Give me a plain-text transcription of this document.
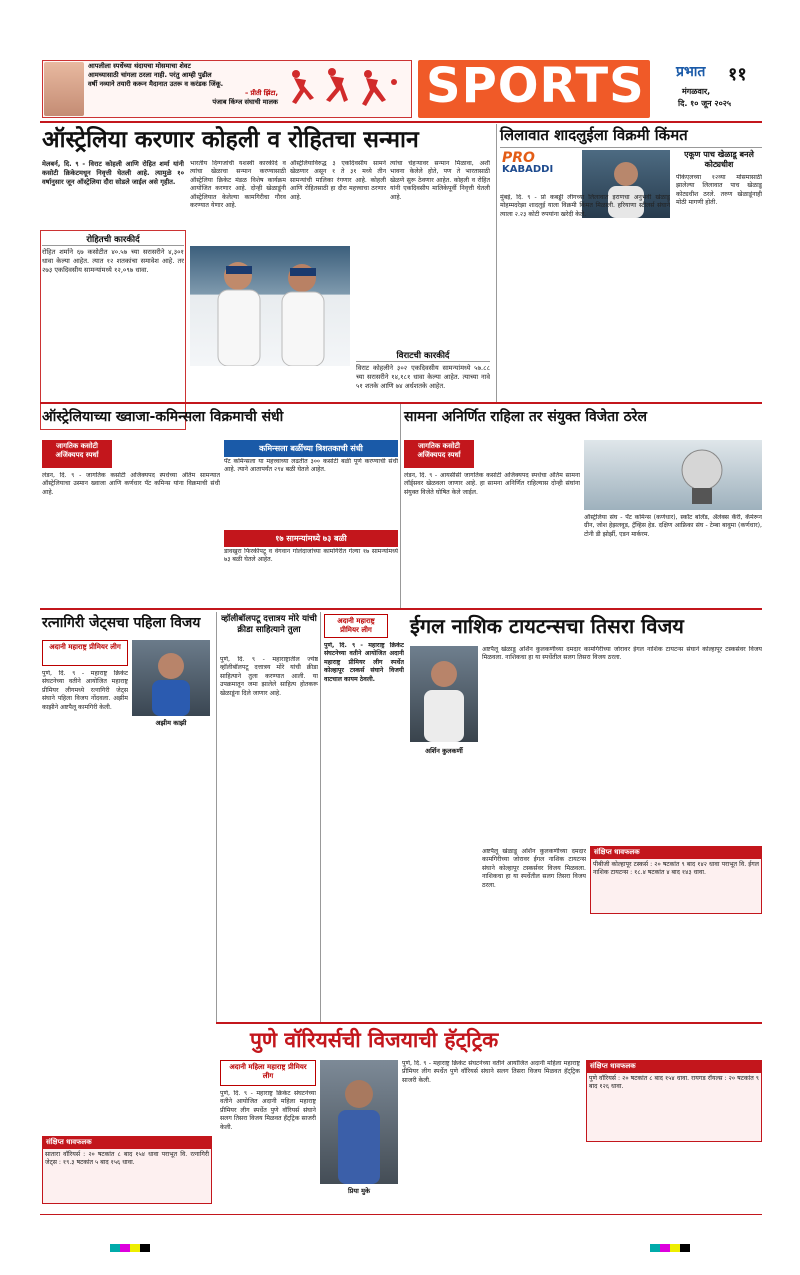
आपलीला स्पर्धेच्या थंदायचा मोसमाचा शेवट
आमच्यासाठी चांगला ठरला नाही. परंतु आम्ही पुढील
वर्षी नव्याने तयारी करून मैदानात उतरू व करंडक जिंकू.
– प्रीती झिंटा,
पंजाब किंग्ज संघाची मालक	SPORTS प्रभात ११
मंगळवार,
दि. १० जून २०२५
ऑस्ट्रेलिया करणार कोहली व रोहितचा सन्मान
मेलबर्न, दि. ९ - विराट कोहली आणि रोहित शर्मा यांनी कसोटी क्रिकेटमधून निवृत्ती घेतली आहे. त्यामुळे १० वर्षानुसार जून ऑस्ट्रेलिया दौरा सोडले जाईल असे गृहीत.
भारतीय दिग्गजांची यशस्वी कारकीर्द व त्यांचा खेळाचा सन्मान करण्यासाठी ऑस्ट्रेलिया क्रिकेट मंडळ विशेष कार्यक्रम आयोजित करणार आहे. दोन्ही खेळाडूंनी ऑस्ट्रेलियात केलेल्या कामगिरीचा गौरव करण्यात येणार आहे.
ऑस्ट्रेलियाविरुद्ध ३ एकदिवसीय सामने खेळणार असून १ ते ३१ मध्ये तीन सामन्यांची मालिका रंगणार आहे. कोहली आणि रोहितसाठी हा दौरा महत्त्वाचा ठरणार आहे.
त्यांचा चेहऱ्यावर सन्मान मिळावा, अशी भावना केलेले होते, पण ते भारतासाठी खेळणे सुरू ठेवणार आहेत. कोहली व रोहित यांनी एकदिवसीय मालिकेपूर्वी निवृत्ती घेतली आहे.
रोहितची कारकीर्द
रोहित शर्माने ६७ कसोटीत ४०.५७ च्या सरासरीने ४,३०१ धावा केल्या आहेत. त्यात १२ शतकांचा समावेश आहे. तर २७३ एकदिवसीय सामन्यांमध्ये १२,०९७ धावा.
विराटची कारकीर्द
विराट कोहलीने ३०२ एकदिवसीय सामन्यांमध्ये ५७.८८ च्या सरासरीने १४,१८१ धावा केल्या आहेत. त्याच्या नावे ५१ शतके आणि ७४ अर्धशतके आहेत.
लिलावात शादलुईला विक्रमी किंमत
PRO
KABADDI
मुंबई, दि. ९ - प्रो कबड्डी लीगच्या लिलावात इराणचा अनुभवी खेळाडू मोहम्मदरेझा शादलुई याला विक्रमी किंमत मिळाली. हरियाणा स्टीलर्स संघाने त्याला २.२३ कोटी रुपयांना खरेदी केले.
एकूण पाच खेळाडू बनले कोट्यधीश
पीकेएलच्या १२व्या मोसमासाठी झालेल्या लिलावात पाच खेळाडू कोट्यधीश ठरले. तरुण खेळाडूंनाही मोठी मागणी होती.
ऑस्ट्रेलियाच्या ख्वाजा-कमिन्सला विक्रमाची संधी
जागतिक कसोटी अजिंक्यपद स्पर्धा
लंडन, दि. ९ - जागतिक कसोटी अजिंक्यपद स्पर्धेच्या अंतिम सामन्यात ऑस्ट्रेलियाचा उस्मान ख्वाजा आणि कर्णधार पॅट कमिन्स यांना विक्रमाची संधी आहे.
कमिन्सला बळींच्या त्रिशतकाची संधी
पॅट कमिन्सला या महत्त्वाच्या लढतीत ३०० कसोटी बळी पूर्ण करण्याची संधी आहे. त्याने आतापर्यंत २९४ बळी घेतले आहेत.
१७ सामन्यांमध्ये ७३ बळी
डावखुरा फिरकीपटू व वेगवान गोलंदाजांच्या कामगिरीत गेल्या १७ सामन्यांमध्ये ७३ बळी घेतले आहेत.
सामना अनिर्णित राहिला तर संयुक्त विजेता ठरेल
जागतिक कसोटी अजिंक्यपद स्पर्धा
लंडन, दि. ९ - आयसीसी जागतिक कसोटी अजिंक्यपद स्पर्धेचा अंतिम सामना लॉर्ड्सवर खेळवला जाणार आहे. हा सामना अनिर्णित राहिल्यास दोन्ही संघांना संयुक्त विजेते घोषित केले जाईल.
ऑस्ट्रेलिया संघ - पॅट कमिन्स (कर्णधार), स्कॉट बोलँड, ॲलेक्स कॅरी, कॅमेरून ग्रीन, जोश हेझलवूड, ट्रॅव्हिस हेड. दक्षिण आफ्रिका संघ - टेम्बा बावुमा (कर्णधार), टोनी डी झोर्झी, एडन मार्करम.
रत्नागिरी जेट्सचा पहिला विजय
अदानी महाराष्ट्र प्रीमियर लीग
अझीम काझी
पुणे, दि. ९ - महाराष्ट्र क्रिकेट संघटनेच्या वतीने आयोजित महाराष्ट्र प्रीमियर लीगमध्ये रत्नागिरी जेट्स संघाने पहिला विजय नोंदवला. अझीम काझीने अष्टपैलू कामगिरी केली.
संक्षिप्त धावफलक
सातारा वॉरियर्स : २० षटकांत ८ बाद १५४ धावा पराभूत वि. रत्नागिरी जेट्स : १९.३ षटकांत ५ बाद १५६ धावा.
व्हॉलीबॉलपटू दत्तात्रय मोरे यांची क्रीडा साहित्याने तुला
पुणे, दि. ९ - महाराष्ट्रातील ज्येष्ठ व्हॉलीबॉलपटू दत्तात्रय मोरे यांची क्रीडा साहित्याने तुला करण्यात आली. या उपक्रमातून जमा झालेले साहित्य होतकरू खेळाडूंना दिले जाणार आहे.
अदानी महाराष्ट्र प्रीमियर लीग
पुणे, दि. ९ - महाराष्ट्र क्रिकेट संघटनेच्या वतीने आयोजित अदानी महाराष्ट्र प्रीमियर लीग स्पर्धेत कोल्हापूर टस्कर्स संघाने विजयी वाटचाल कायम ठेवली.
ईगल नाशिक टायटन्सचा तिसरा विजय
अर्शिन कुलकर्णी
अष्टपैलू खेळाडू अर्शिन कुलकर्णीच्या दमदार कामगिरीच्या जोरावर ईगल नाशिक टायटन्स संघाने कोल्हापूर टस्कर्सवर विजय मिळवला. नाशिकचा हा या स्पर्धेतील सलग तिसरा विजय ठरला.
संक्षिप्त धावफलक
पीबीजी कोल्हापूर टस्कर्स : २० षटकांत ९ बाद १४२ धावा पराभूत वि. ईगल नाशिक टायटन्स : १८.४ षटकांत ४ बाद १४३ धावा.
अष्टपैलू खेळाडू अर्शिन कुलकर्णीच्या दमदार कामगिरीच्या जोरावर ईगल नाशिक टायटन्स संघाने कोल्हापूर टस्कर्सवर विजय मिळवला. नाशिकचा हा या स्पर्धेतील सलग तिसरा विजय ठरला.
पुणे वॉरियर्सची विजयाची हॅट्‌ट्रिक
अदानी महिला महाराष्ट्र प्रीमियर लीग
प्रिया मुके
पुणे, दि. ९ - महाराष्ट्र क्रिकेट संघटनेच्या वतीने आयोजित अदानी महिला महाराष्ट्र प्रीमियर लीग स्पर्धेत पुणे वॉरियर्स संघाने सलग तिसरा विजय मिळवत हॅट्‌ट्रिक साजरी केली.
पुणे, दि. ९ - महाराष्ट्र क्रिकेट संघटनेच्या वतीने आयोजित अदानी महिला महाराष्ट्र प्रीमियर लीग स्पर्धेत पुणे वॉरियर्स संघाने सलग तिसरा विजय मिळवत हॅट्‌ट्रिक साजरी केली.
संक्षिप्त धावफलक
पुणे वॉरियर्स : २० षटकांत ८ बाद १५४ धावा. रायगड रॉयल्स : २० षटकांत ९ बाद १२६ धावा.
